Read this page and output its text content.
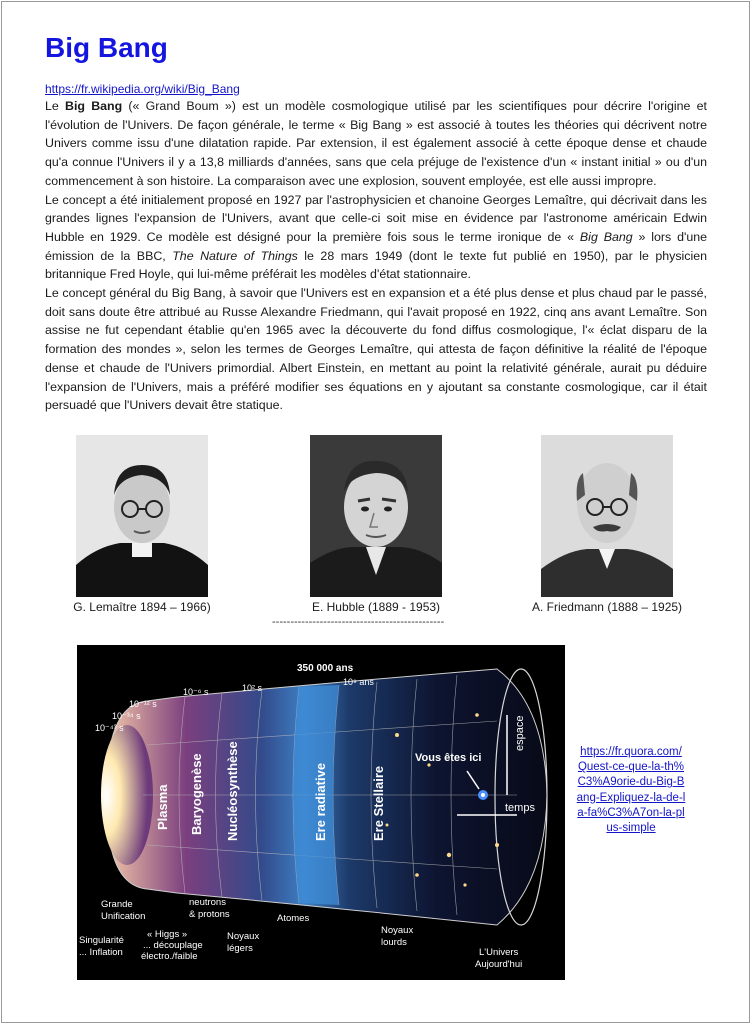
Big Bang
https://fr.wikipedia.org/wiki/Big_Bang

Le Big Bang (« Grand Boum ») est un modèle cosmologique utilisé par les scientifiques pour décrire l'origine et l'évolution de l'Univers. De façon générale, le terme « Big Bang » est associé à toutes les théories qui décrivent notre Univers comme issu d'une dilatation rapide. Par extension, il est également associé à cette époque dense et chaude qu'a connue l'Univers il y a 13,8 milliards d'années, sans que cela préjuge de l'existence d'un « instant initial » ou d'un commencement à son histoire. La comparaison avec une explosion, souvent employée, est elle aussi impropre.

Le concept a été initialement proposé en 1927 par l'astrophysicien et chanoine Georges Lemaître, qui décrivait dans les grandes lignes l'expansion de l'Univers, avant que celle-ci soit mise en évidence par l'astronome américain Edwin Hubble en 1929. Ce modèle est désigné pour la première fois sous le terme ironique de « Big Bang » lors d'une émission de la BBC, The Nature of Things le 28 mars 1949 (dont le texte fut publié en 1950), par le physicien britannique Fred Hoyle, qui lui-même préférait les modèles d'état stationnaire.

Le concept général du Big Bang, à savoir que l'Univers est en expansion et a été plus dense et plus chaud par le passé, doit sans doute être attribué au Russe Alexandre Friedmann, qui l'avait proposé en 1922, cinq ans avant Lemaître. Son assise ne fut cependant établie qu'en 1965 avec la découverte du fond diffus cosmologique, l'« éclat disparu de la formation des mondes », selon les termes de Georges Lemaître, qui attesta de façon définitive la réalité de l'époque dense et chaude de l'Univers primordial. Albert Einstein, en mettant au point la relativité générale, aurait pu déduire l'expansion de l'Univers, mais a préféré modifier ses équations en y ajoutant sa constante cosmologique, car il était persuadé que l'Univers devait être statique.

G. Lemaître 1894 – 1966)	E. Hubble (1889 - 1953)	A. Friedmann (1888 – 1925)
-----------------------------------------------
10⁻⁴³ s
10⁻³⁴ s
10⁻¹² s
10⁻⁶ s	10² s
350 000 ans
10⁹ ans
Plasma Baryogenèse Nucléosynthèse	Ere radiative	Ere Stellaire
Vous êtes ici
espace
temps
Grande
Unification
Singularité
... Inflation
« Higgs »
... découplage
électro./faible
neutrons
& protons
Noyaux
légers
Atomes
Noyaux
lourds
L'Univers
Aujourd'hui
https://fr.quora.com/Quest-ce-que-la-th%C3%A9orie-du-Big-Bang-Expliquez-la-de-la-fa%C3%A7on-la-plus-simple
